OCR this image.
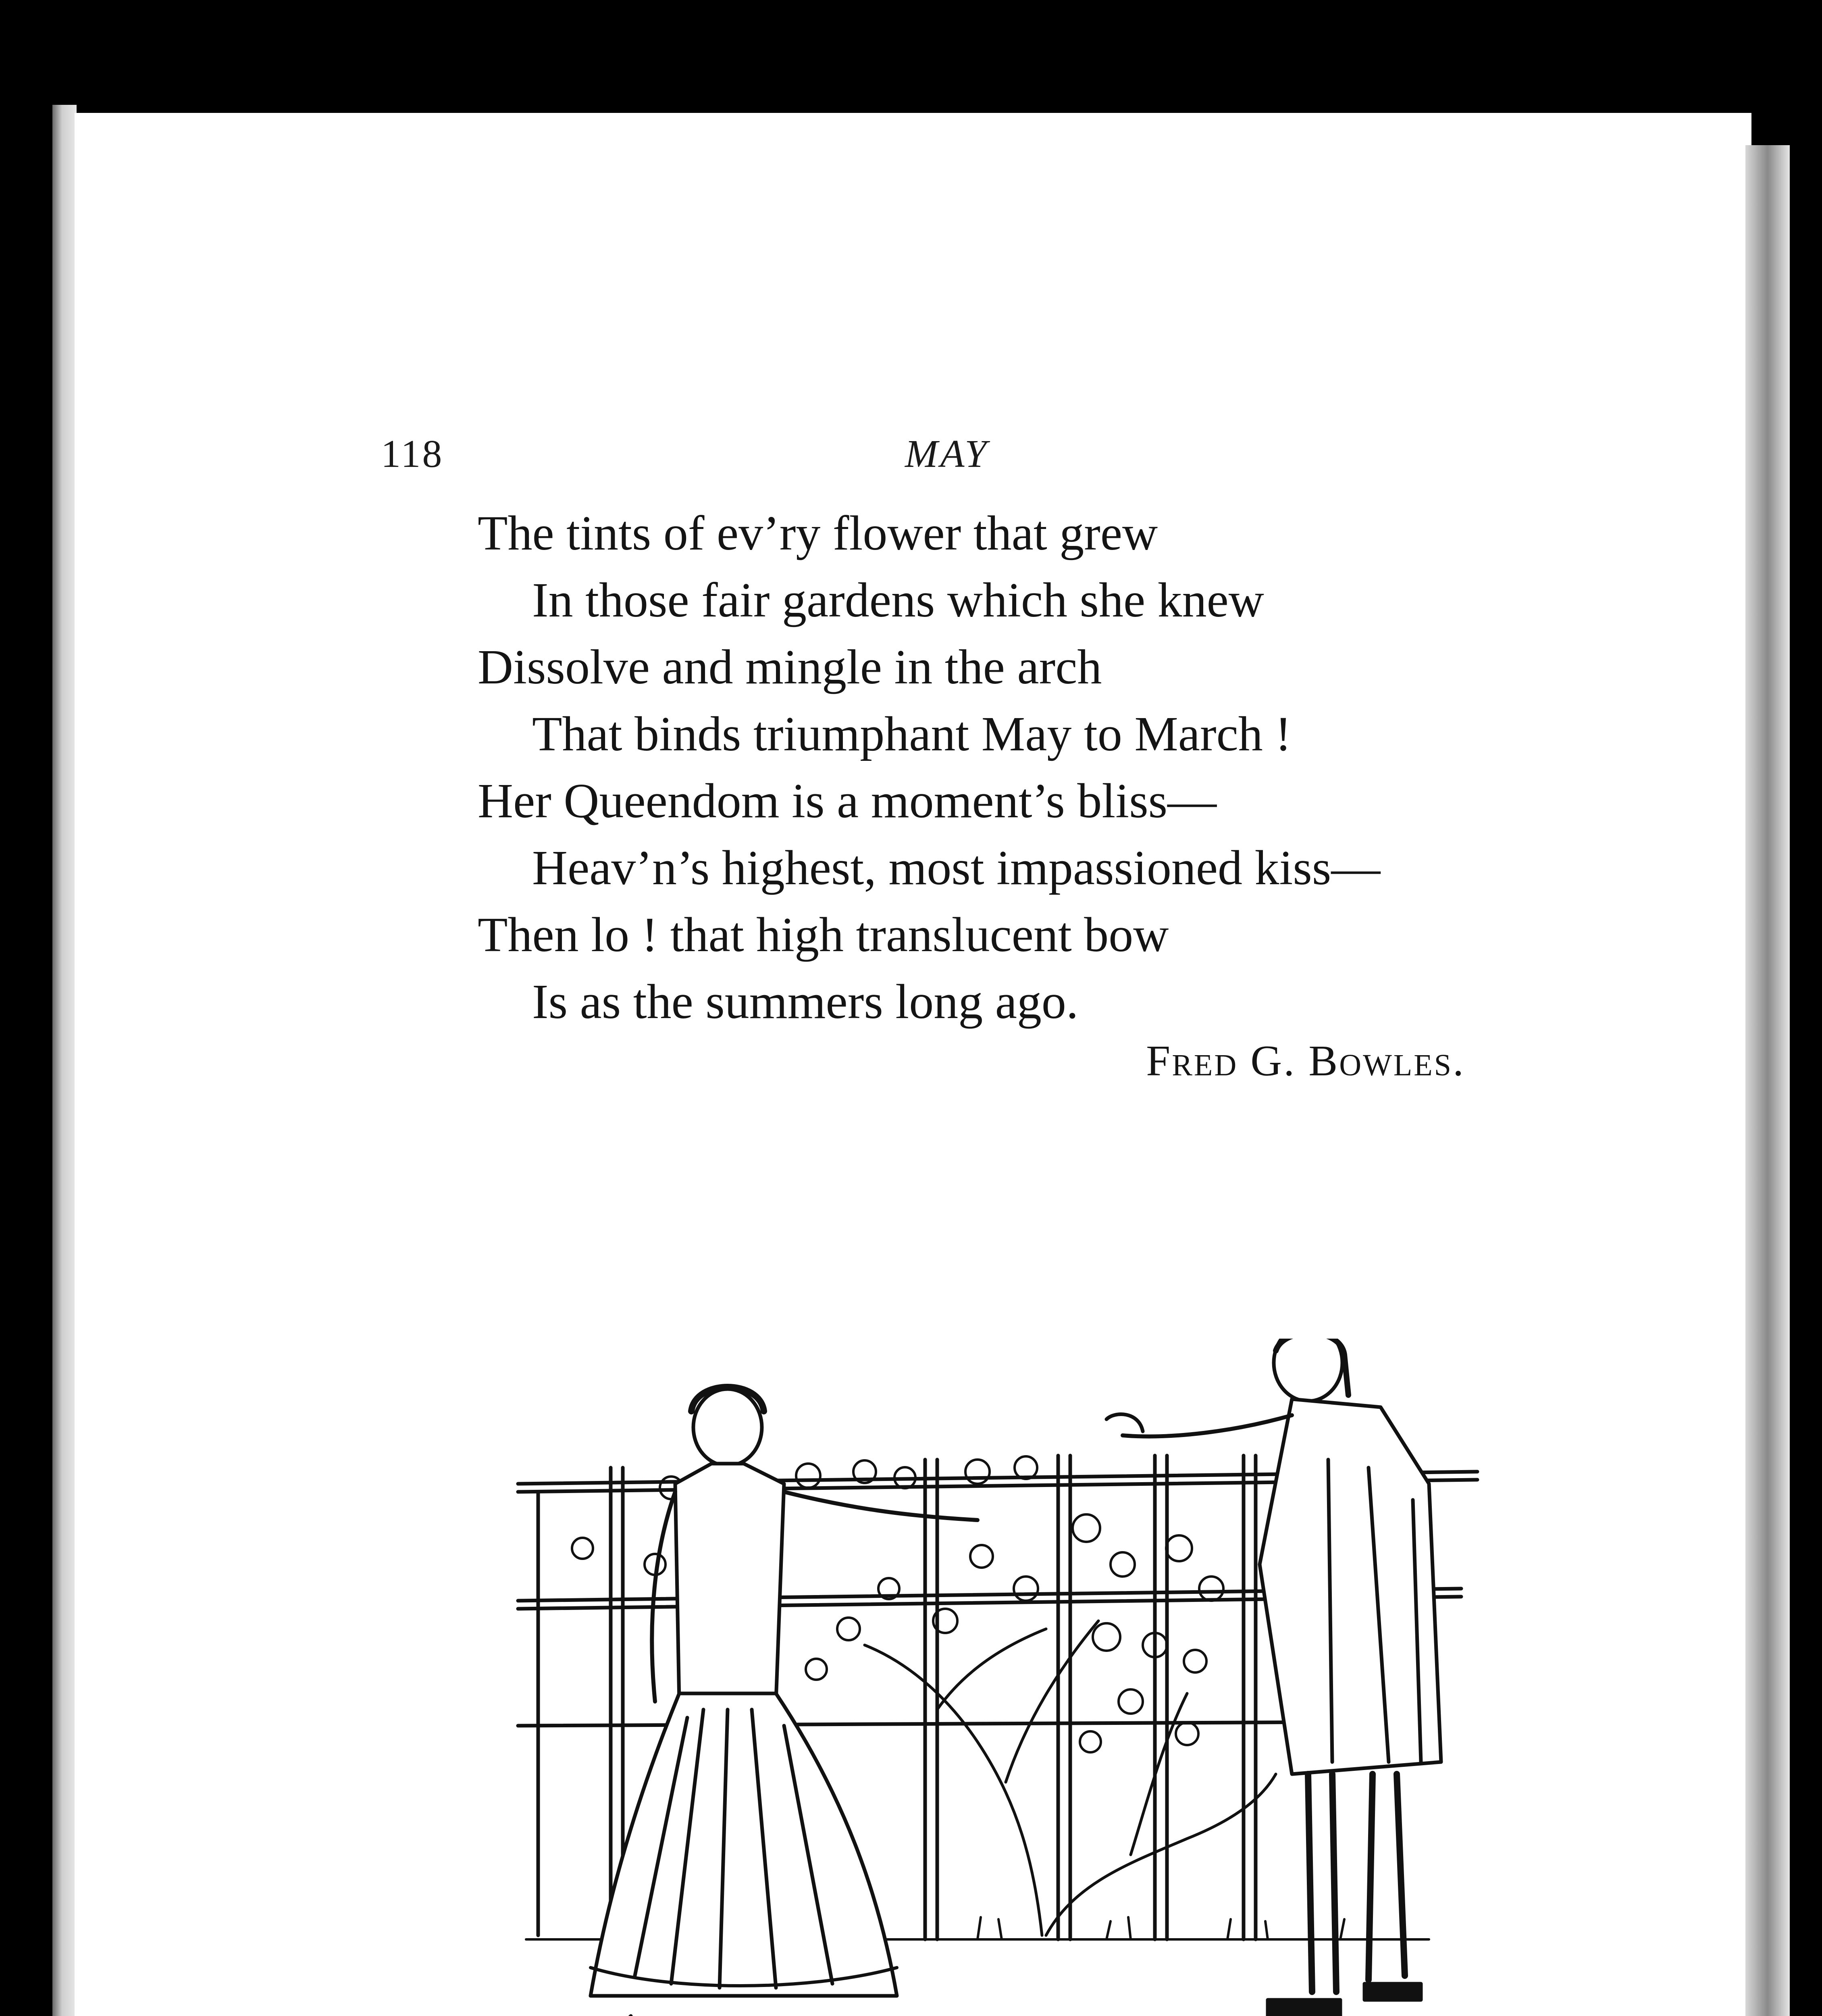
118	MAY
The tints of ev’ry flower that grew
In those fair gardens which she knew
Dissolve and mingle in the arch
That binds triumphant May to March !
Her Queendom is a moment’s bliss—
Heav’n’s highest, most impassioned kiss—
Then lo ! that high translucent bow
Is as the summers long ago.
Fred G. Bowles.
